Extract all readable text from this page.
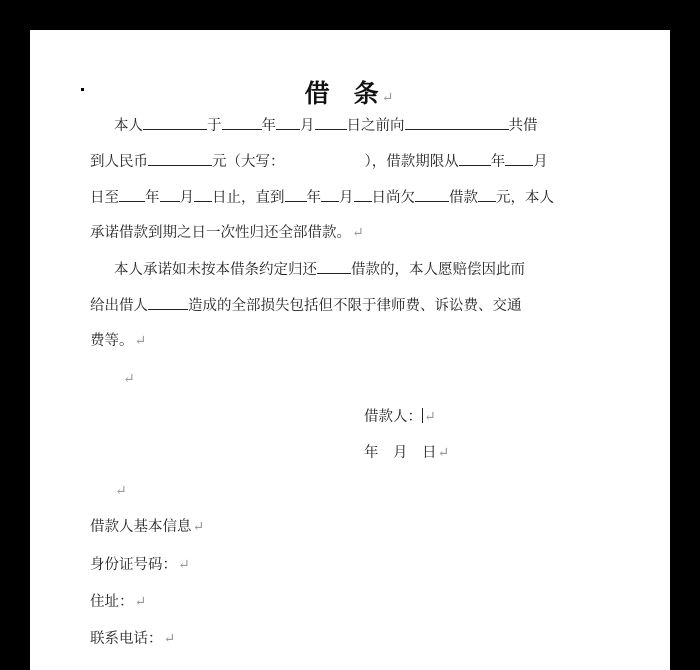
借 条↵
本人	于	年 月 日之前向	共借
到人民币	元（大写：	），借款期限从 年 月
日至 年 月 日止，直到 年 月 日尚欠 借款 元，本人
承诺借款到期之日一次性归还全部借款。↵
本人承诺如未按本借条约定归还 借款的，本人愿赔偿因此而
给出借人	造成的全部损失包括但不限于律师费、诉讼费、交通
费等。↵
↵
借款人： ↵
年　月　日↵
↵
借款人基本信息↵
身份证号码：↵
住址：↵
联系电话：↵
